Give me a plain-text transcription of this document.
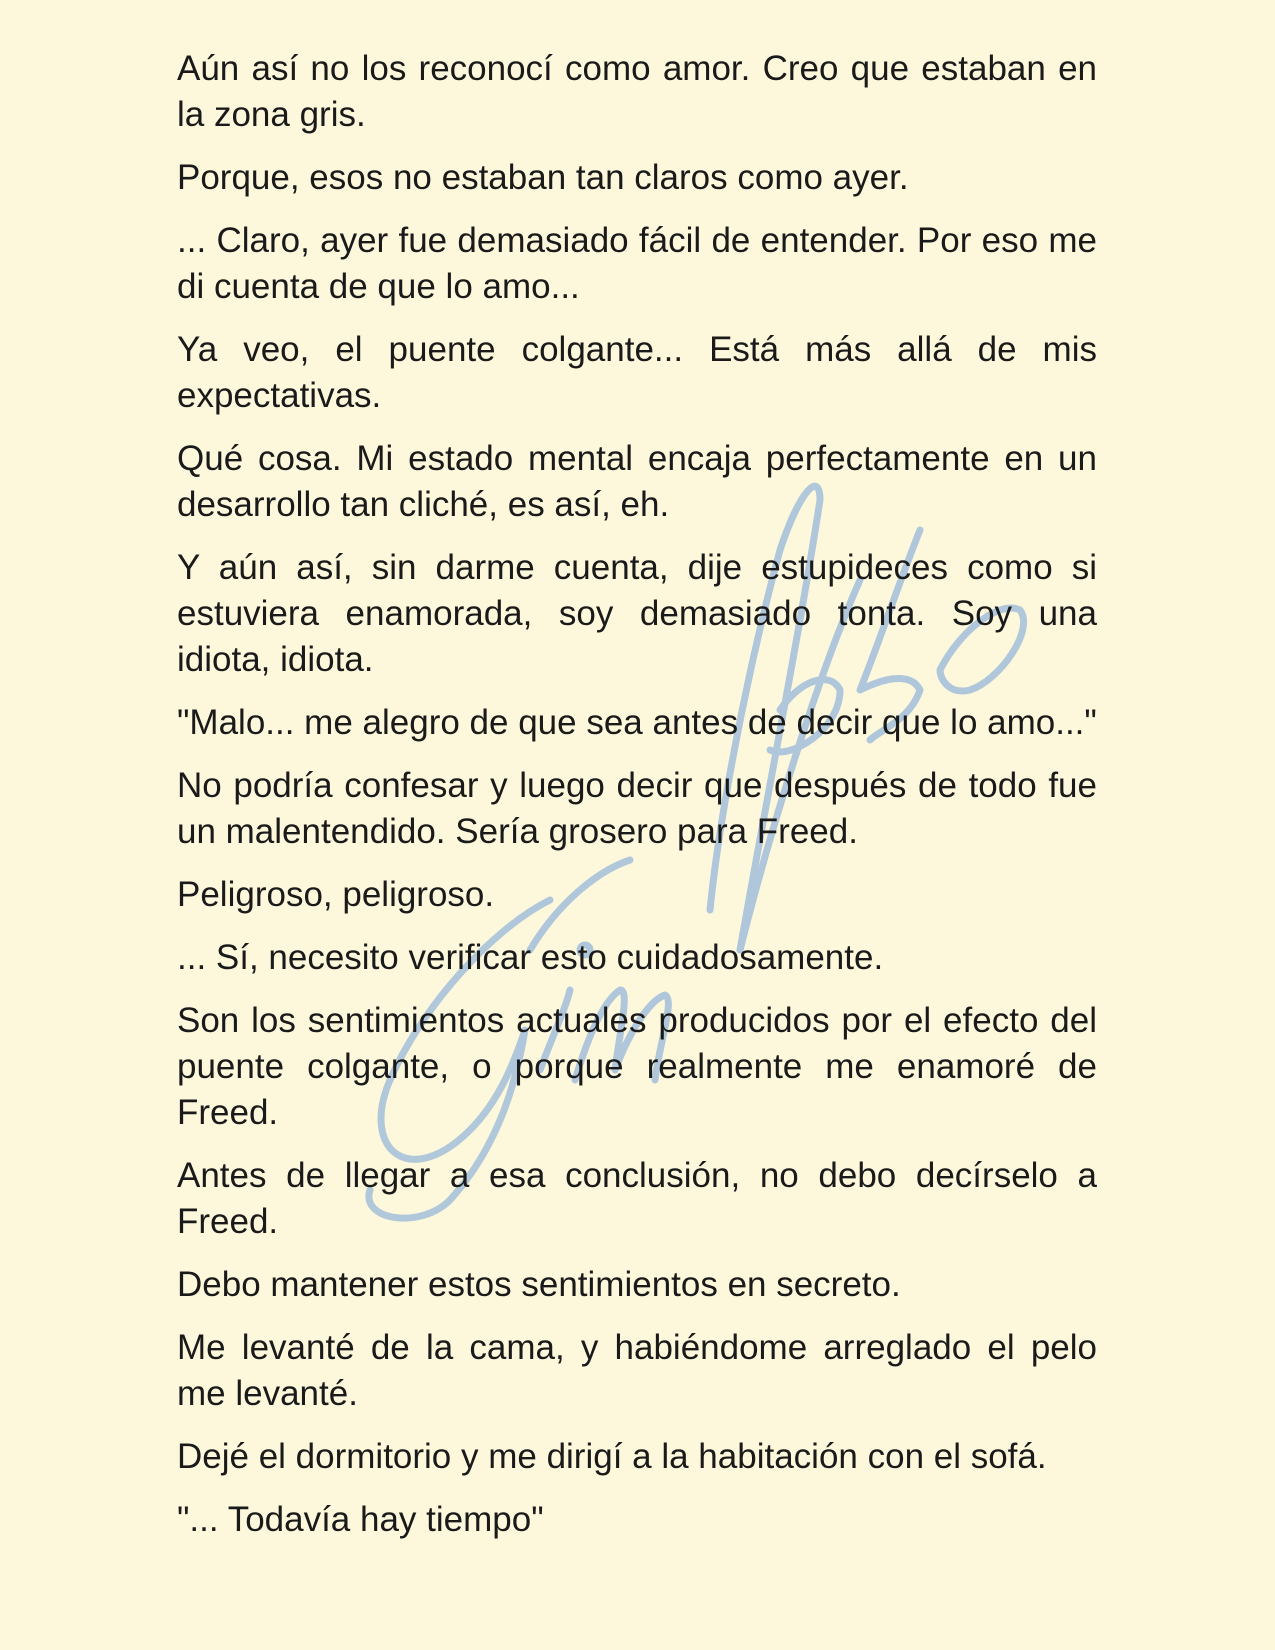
Gin Neko

Aún así no los reconocí como amor. Creo que estaban en la zona gris.

Porque, esos no estaban tan claros como ayer.

... Claro, ayer fue demasiado fácil de entender. Por eso me di cuenta de que lo amo...

Ya veo, el puente colgante... Está más allá de mis expectativas.

Qué cosa. Mi estado mental encaja perfectamente en un desarrollo tan cliché, es así, eh.

Y aún así, sin darme cuenta, dije estupideces como si estuviera enamorada, soy demasiado tonta. Soy una idiota, idiota.

"Malo... me alegro de que sea antes de decir que lo amo..."

No podría confesar y luego decir que después de todo fue un malentendido. Sería grosero para Freed.

Peligroso, peligroso.

... Sí, necesito verificar esto cuidadosamente.

Son los sentimientos actuales producidos por el efecto del puente colgante, o porque realmente me enamoré de Freed.

Antes de llegar a esa conclusión, no debo decírselo a Freed.

Debo mantener estos sentimientos en secreto.

Me levanté de la cama, y habiéndome arreglado el pelo me levanté.

Dejé el dormitorio y me dirigí a la habitación con el sofá.

"... Todavía hay tiempo"
